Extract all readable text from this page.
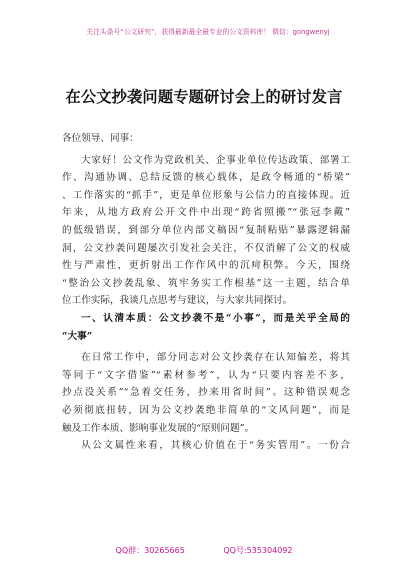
关注头条号“公文研究”，获得最新最全最专业的公文资料库！ 微信：gongwenyj
在公文抄袭问题专题研讨会上的研讨发言
各位领导、同事：
大家好！公文作为党政机关、企事业单位传达政策、部署工
作、沟通协调、总结反馈的核心载体，是政令畅通的“桥梁”
、工作落实的“抓手”，更是单位形象与公信力的直接体现。近
年来，从地方政府公开文件中出现“跨省照搬”“张冠李戴”
的低级错误，到部分单位内部文稿因“复制粘贴”暴露逻辑漏
洞，公文抄袭问题屡次引发社会关注，不仅消解了公文的权威
性与严肃性，更折射出工作作风中的沉疴积弊。今天，围绕
“整治公文抄袭乱象、筑牢务实工作根基”这一主题，结合单
位工作实际，我谈几点思考与建议，与大家共同探讨。
一、认清本质：公文抄袭不是“小事”，而是关乎全局的
“大事”
在日常工作中，部分同志对公文抄袭存在认知偏差，将其
等同于“文字借鉴”“素材参考”，认为“只要内容差不多，
抄点没关系”“急着交任务，抄来用省时间”。这种错误观念
必须彻底扭转，因为公文抄袭绝非简单的“文风问题”，而是
触及工作本质、影响事业发展的“原则问题”。
从公文属性来看，其核心价值在于“务实管用”。一份合
QQ群：30265665	QQ号:535304092
